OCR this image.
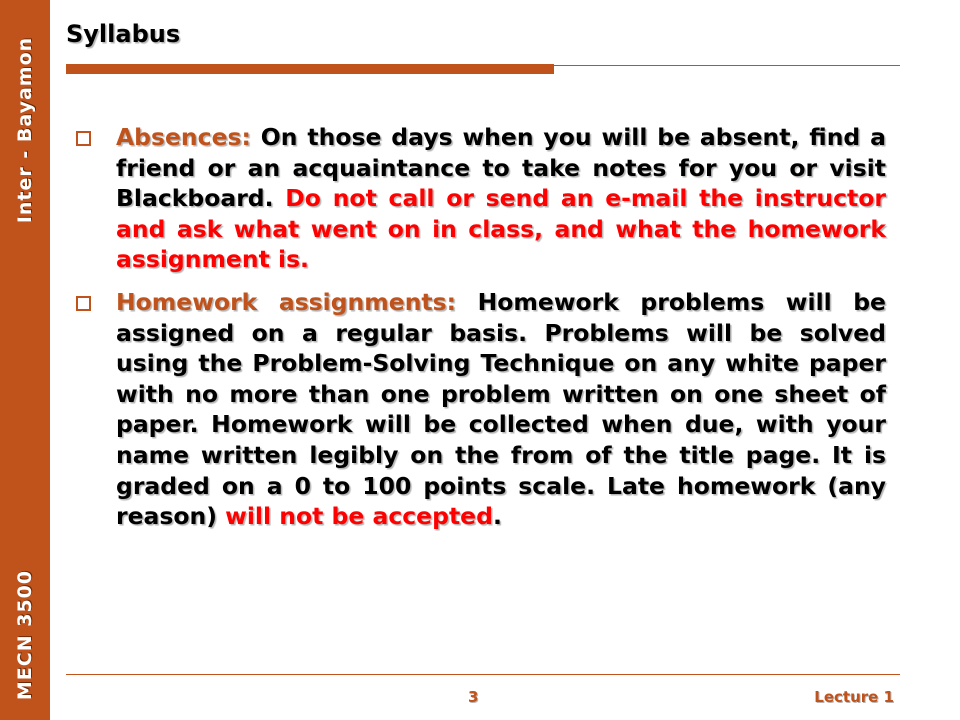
Inter - Bayamon
MECN 3500
Syllabus
Absences: On those days when you will be absent, find a friend or an acquaintance to take notes for you or visit Blackboard. Do not call or send an e-mail the instructor and ask what went on in class, and what the homework assignment is.
Homework assignments: Homework problems will be assigned on a regular basis. Problems will be solved using the Problem-Solving Technique on any white paper with no more than one problem written on one sheet of paper. Homework will be collected when due, with your name written legibly on the from of the title page. It is graded on a 0 to 100 points scale. Late homework (any reason) will not be accepted.
3	Lecture 1
